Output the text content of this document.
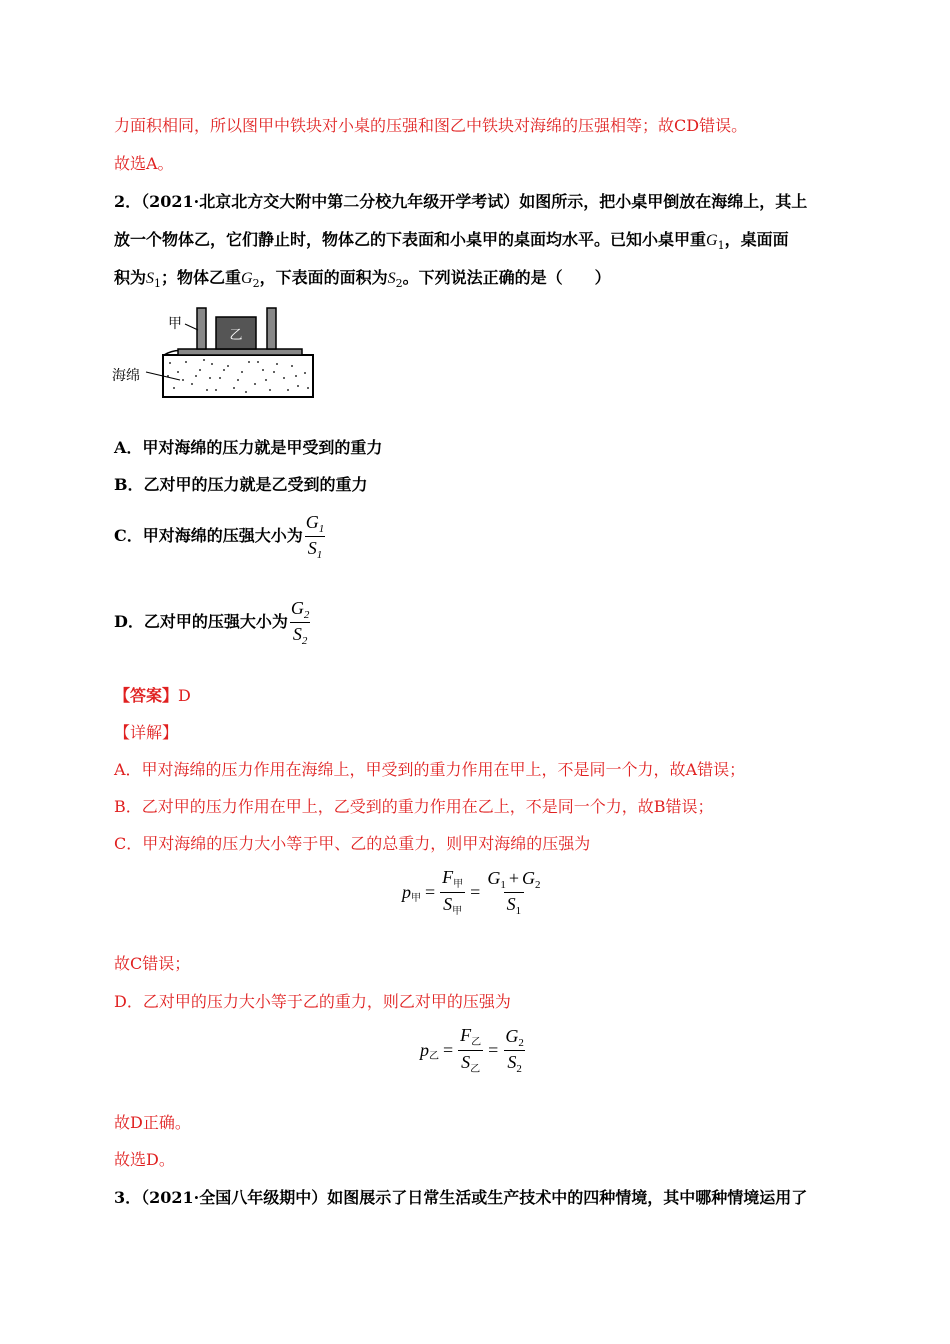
力面积相同，所以图甲中铁块对小桌的压强和图乙中铁块对海绵的压强相等；故CD错误。
故选A。
2．（2021·北京北方交大附中第二分校九年级开学考试）如图所示，把小桌甲倒放在海绵上，其上
放一个物体乙，它们静止时，物体乙的下表面和小桌甲的桌面均水平。已知小桌甲重$G_1$，桌面面
积为$S_1$；物体乙重$G_2$，下表面的面积为$S_2$。下列说法正确的是（　　）
乙
甲
海绵
A．甲对海绵的压力就是甲受到的重力
B．乙对甲的压力就是乙受到的重力
C． 甲对海绵的压强大小为 $\frac{G_1}{S_1}$
D． 乙对甲的压强大小为 $\frac{G_2}{S_2}$
【答案】D
【详解】
A．甲对海绵的压力作用在海绵上，甲受到的重力作用在甲上，不是同一个力，故A错误；
B．乙对甲的压力作用在甲上，乙受到的重力作用在乙上，不是同一个力，故B错误；
C．甲对海绵的压力大小等于甲、乙的总重力，则甲对海绵的压强为
p 甲 = $\frac{F_甲}{S_甲} = \frac{G_1 + G_2}{S_1}$
故C错误；
D．乙对甲的压力大小等于乙的重力，则乙对甲的压强为
p 乙 = $\frac{F_乙}{S_乙} = \frac{G_2}{S_2}$
故D正确。
故选D。
3．（2021·全国八年级期中）如图展示了日常生活或生产技术中的四种情境，其中哪种情境运用了
